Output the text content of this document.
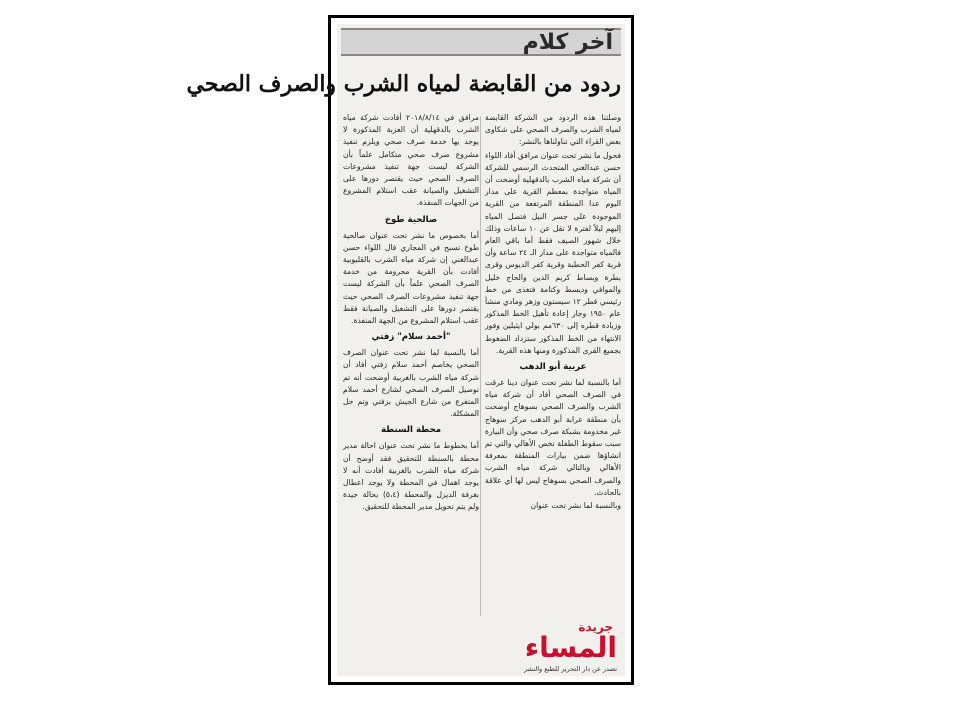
آخر كلام
ردود من القابضة لمياه الشرب والصرف الصحي

وصلتنا هذه الردود من الشركة القابضة لمياه الشرب والصرف الصحي على شكاوى بعض القراء التي تناولناها بالنشر:

فحول ما نشر تحت عنوان مرافق أفاد اللواء حسن عبدالغني المتحدث الرسمي للشركة أن شركة مياه الشرب بالدقهلية أوضحت أن المياه متواجدة بمعظم القرية على مدار اليوم عدا المنطقة المرتفعة من القرية الموجودة على جسر النيل فتصل المياه إليهم ليلاً لفترة لا تقل عن ١٠ ساعات وذلك خلال شهور الصيف فقط أما باقي العام فالمياه متواجدة على مدار الـ ٢٤ ساعة وأن قرية كفر الحطبة وقرية كفر الديوس وقرى بطرة وبساط كريم الدين والحاج خليل والموافي وديسط وكتامة فتغذى من خط رئيسي قطر ١٢ سيستون وزهر ومادي منشأ عام ١٩٥٠ وجار إعادة تأهيل الخط المذكور وزيادة قطره إلى ٦٣٠مم بولي ايثيلين وفور الانتهاء من الخط المذكور ستزداد الضغوط بجميع القرى المذكورة ومنها هذه القرية.

عربية أبو الدهب

أما بالنسبة لما نشر تحت عنوان دينا غرقت في الصرف الصحي أفاد أن شركة مياه الشرب والصرف الصحي بسوهاج أوضحت بأن منطقة عرابة أبو الدهب مركز سوهاج غير مخدومة بشبكة صرف صحي وأن البيارة سبب سقوط الطفلة تخص الأهالي والتي تم انشاؤها ضمن بيارات المنطقة بمعرفة الأهالي وبالتالي شركة مياه الشرب والصرف الصحي بسوهاج ليس لها أي علاقة بالحادث.

وبالنسبة لما نشر تحت عنوان

مرافق في ٢٠١٨/٨/١٤ أفادت شركة مياه الشرب بالدقهلية أن العزبة المذكورة لا يوجد بها خدمة صرف صحي ويلزم تنفيذ مشروع صرف صحي متكامل علماً بأن الشركة ليست جهة تنفيذ مشروعات الصرف الصحي حيث يقتصر دورها على التشغيل والصيانة عقب استلام المشروع من الجهات المنفذة.

صالحية طوخ

أما بخصوص ما نشر تحت عنوان صالحية طوخ تسبح في المجاري قال اللواء حسن عبدالغني إن شركة مياه الشرب بالقليوبية أفادت بأن القرية محرومة من خدمة الصرف الصحي علماً بأن الشركة ليست جهة تنفيذ مشروعات الصرف الصحي حيث يقتصر دورها على التشغيل والصيانة فقط عقب استلام المشروع من الجهة المنفذة.

"أحمد سلام" زفتي

أما بالنسبة لما نشر تحت عنوان الصرف الصحي يخاصم أحمد سلام زفتي أفاد أن شركة مياه الشرب بالغربية أوضحت أنه تم توصيل الصرف الصحي لشارع أحمد سلام المتفرع من شارع الجيش بزفتي وتم حل المشكلة.

محطة السنطة

أما بخطوط ما نشر تحت عنوان احالة مدير محطة بالسنطة للتحقيق فقد أوضح أن شركة مياه الشرب بالغربية أفادت أنه لا يوجد اهمال في المحطة ولا يوجد اعطال بغرفة الديزل والمحطة (٥،٤) بحالة جيدة ولم يتم تحويل مدير المحطة للتحقيق.

جريدة
المساء
تصدر عن دار التحرير للطبع والنشر
